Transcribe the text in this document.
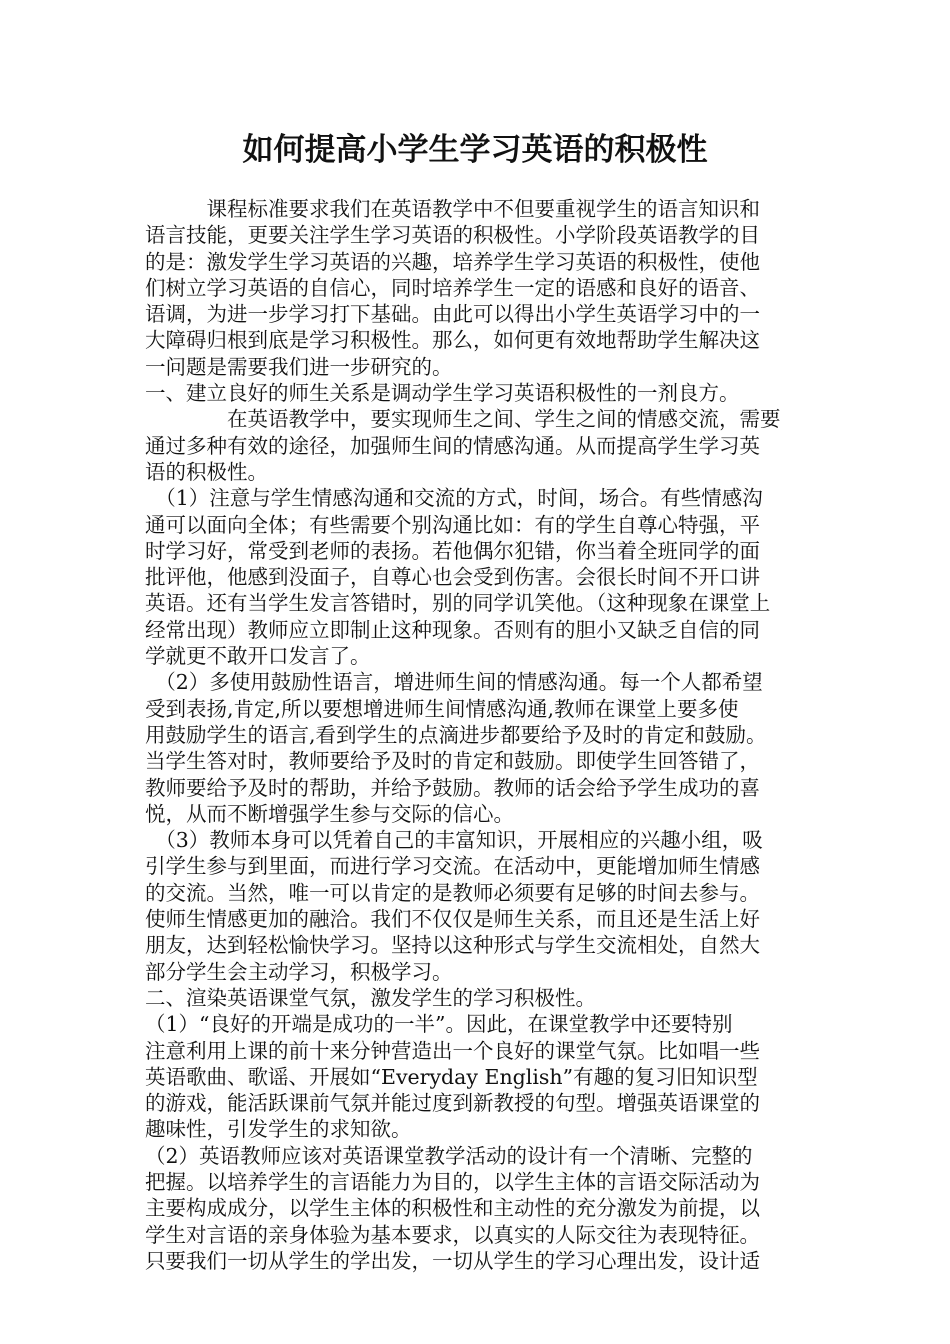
如何提高小学生学习英语的积极性
　　　课程标准要求我们在英语教学中不但要重视学生的语言知识和
语言技能，更要关注学生学习英语的积极性。小学阶段英语教学的目
的是：激发学生学习英语的兴趣，培养学生学习英语的积极性，使他
们树立学习英语的自信心，同时培养学生一定的语感和良好的语音、
语调，为进一步学习打下基础。由此可以得出小学生英语学习中的一
大障碍归根到底是学习积极性。那么，如何更有效地帮助学生解决这
一问题是需要我们进一步研究的。
一、建立良好的师生关系是调动学生学习英语积极性的一剂良方。
　　　　在英语教学中，要实现师生之间、学生之间的情感交流，需要
通过多种有效的途径，加强师生间的情感沟通。从而提高学生学习英
语的积极性。
　（1）注意与学生情感沟通和交流的方式，时间，场合。有些情感沟
通可以面向全体；有些需要个别沟通比如：有的学生自尊心特强，平
时学习好，常受到老师的表扬。若他偶尔犯错，你当着全班同学的面
批评他，他感到没面子，自尊心也会受到伤害。会很长时间不开口讲
英语。还有当学生发言答错时，别的同学讥笑他。（这种现象在课堂上
经常出现）教师应立即制止这种现象。否则有的胆小又缺乏自信的同
学就更不敢开口发言了。
　（2）多使用鼓励性语言，增进师生间的情感沟通。每一个人都希望
受到表扬,肯定,所以要想增进师生间情感沟通,教师在课堂上要多使
用鼓励学生的语言,看到学生的点滴进步都要给予及时的肯定和鼓励。
当学生答对时，教师要给予及时的肯定和鼓励。即使学生回答错了，
教师要给予及时的帮助，并给予鼓励。教师的话会给予学生成功的喜
悦，从而不断增强学生参与交际的信心。
　（3）教师本身可以凭着自己的丰富知识，开展相应的兴趣小组，吸
引学生参与到里面，而进行学习交流。在活动中，更能增加师生情感
的交流。当然，唯一可以肯定的是教师必须要有足够的时间去参与。
使师生情感更加的融洽。我们不仅仅是师生关系，而且还是生活上好
朋友，达到轻松愉快学习。坚持以这种形式与学生交流相处，自然大
部分学生会主动学习，积极学习。
二、渲染英语课堂气氛，激发学生的学习积极性。
（1）“良好的开端是成功的一半”。因此，在课堂教学中还要特别
注意利用上课的前十来分钟营造出一个良好的课堂气氛。比如唱一些
英语歌曲、歌谣、开展如“Everyday English”有趣的复习旧知识型
的游戏，能活跃课前气氛并能过度到新教授的句型。增强英语课堂的
趣味性，引发学生的求知欲。
（2）英语教师应该对英语课堂教学活动的设计有一个清晰、完整的
把握。以培养学生的言语能力为目的，以学生主体的言语交际活动为
主要构成成分，以学生主体的积极性和主动性的充分激发为前提，以
学生对言语的亲身体验为基本要求，以真实的人际交往为表现特征。
只要我们一切从学生的学出发，一切从学生的学习心理出发，设计适
